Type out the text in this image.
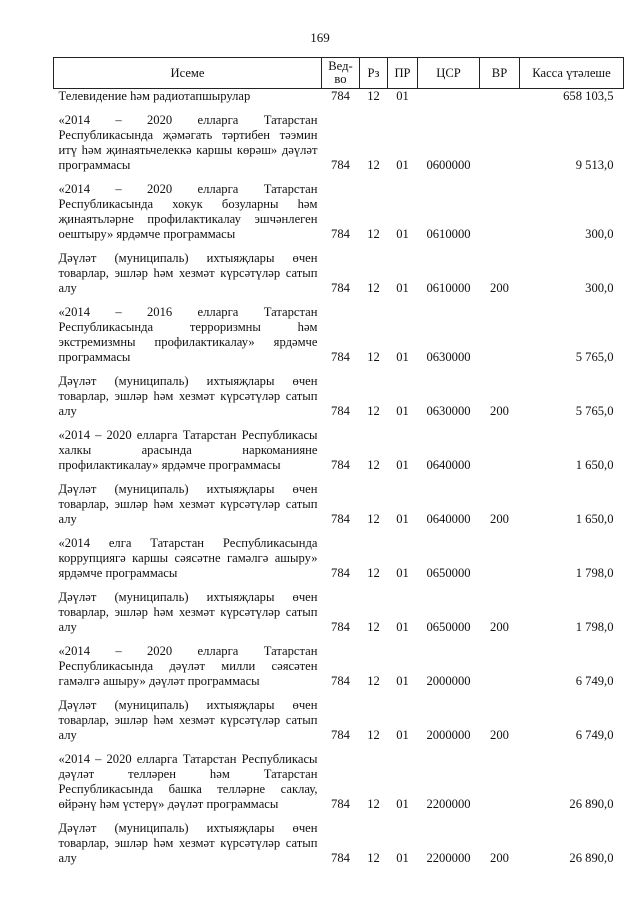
169
Исеме	Вед-во	Рз	ПР	ЦСР	ВР	Касса үтәлеше
Телевидение һәм радиотапшырулар	784	12	01			658 103,5
«2014 – 2020 елларга Татарстан Республикасында җәмәгать тәртибен тәэмин итү һәм җинаятьчелеккә каршы көрәш» дәүләт программасы	784	12	01	0600000		9 513,0
«2014 – 2020 елларга Татарстан Республикасында хокук бозуларны һәм җинаятьләрне профилактикалау эшчәнлеген оештыру» ярдәмче программасы	784	12	01	0610000		300,0
Дәүләт (муниципаль) ихтыяҗлары өчен товарлар, эшләр һәм хезмәт күрсәтүләр сатып алу	784	12	01	0610000	200	300,0
«2014 – 2016 елларга Татарстан Республикасында терроризмны һәм экстремизмны профилактикалау» ярдәмче программасы	784	12	01	0630000		5 765,0
Дәүләт (муниципаль) ихтыяҗлары өчен товарлар, эшләр һәм хезмәт күрсәтүләр сатып алу	784	12	01	0630000	200	5 765,0
«2014 – 2020 елларга Татарстан Республикасы халкы арасында наркоманияне профилактикалау» ярдәмче программасы	784	12	01	0640000		1 650,0
Дәүләт (муниципаль) ихтыяҗлары өчен товарлар, эшләр һәм хезмәт күрсәтүләр сатып алу	784	12	01	0640000	200	1 650,0
«2014 елга Татарстан Республикасында коррупциягә каршы сәясәтне гамәлгә ашыру» ярдәмче программасы	784	12	01	0650000		1 798,0
Дәүләт (муниципаль) ихтыяҗлары өчен товарлар, эшләр һәм хезмәт күрсәтүләр сатып алу	784	12	01	0650000	200	1 798,0
«2014 – 2020 елларга Татарстан Республикасында дәүләт милли сәясәтен гамәлгә ашыру» дәүләт программасы	784	12	01	2000000		6 749,0
Дәүләт (муниципаль) ихтыяҗлары өчен товарлар, эшләр һәм хезмәт күрсәтүләр сатып алу	784	12	01	2000000	200	6 749,0
«2014 – 2020 елларга Татарстан Республикасы дәүләт телләрен һәм Татарстан Республикасында башка телләрне саклау, өйрәнү һәм үстерү» дәүләт программасы	784	12	01	2200000		26 890,0
Дәүләт (муниципаль) ихтыяҗлары өчен товарлар, эшләр һәм хезмәт күрсәтүләр сатып алу	784	12	01	2200000	200	26 890,0
